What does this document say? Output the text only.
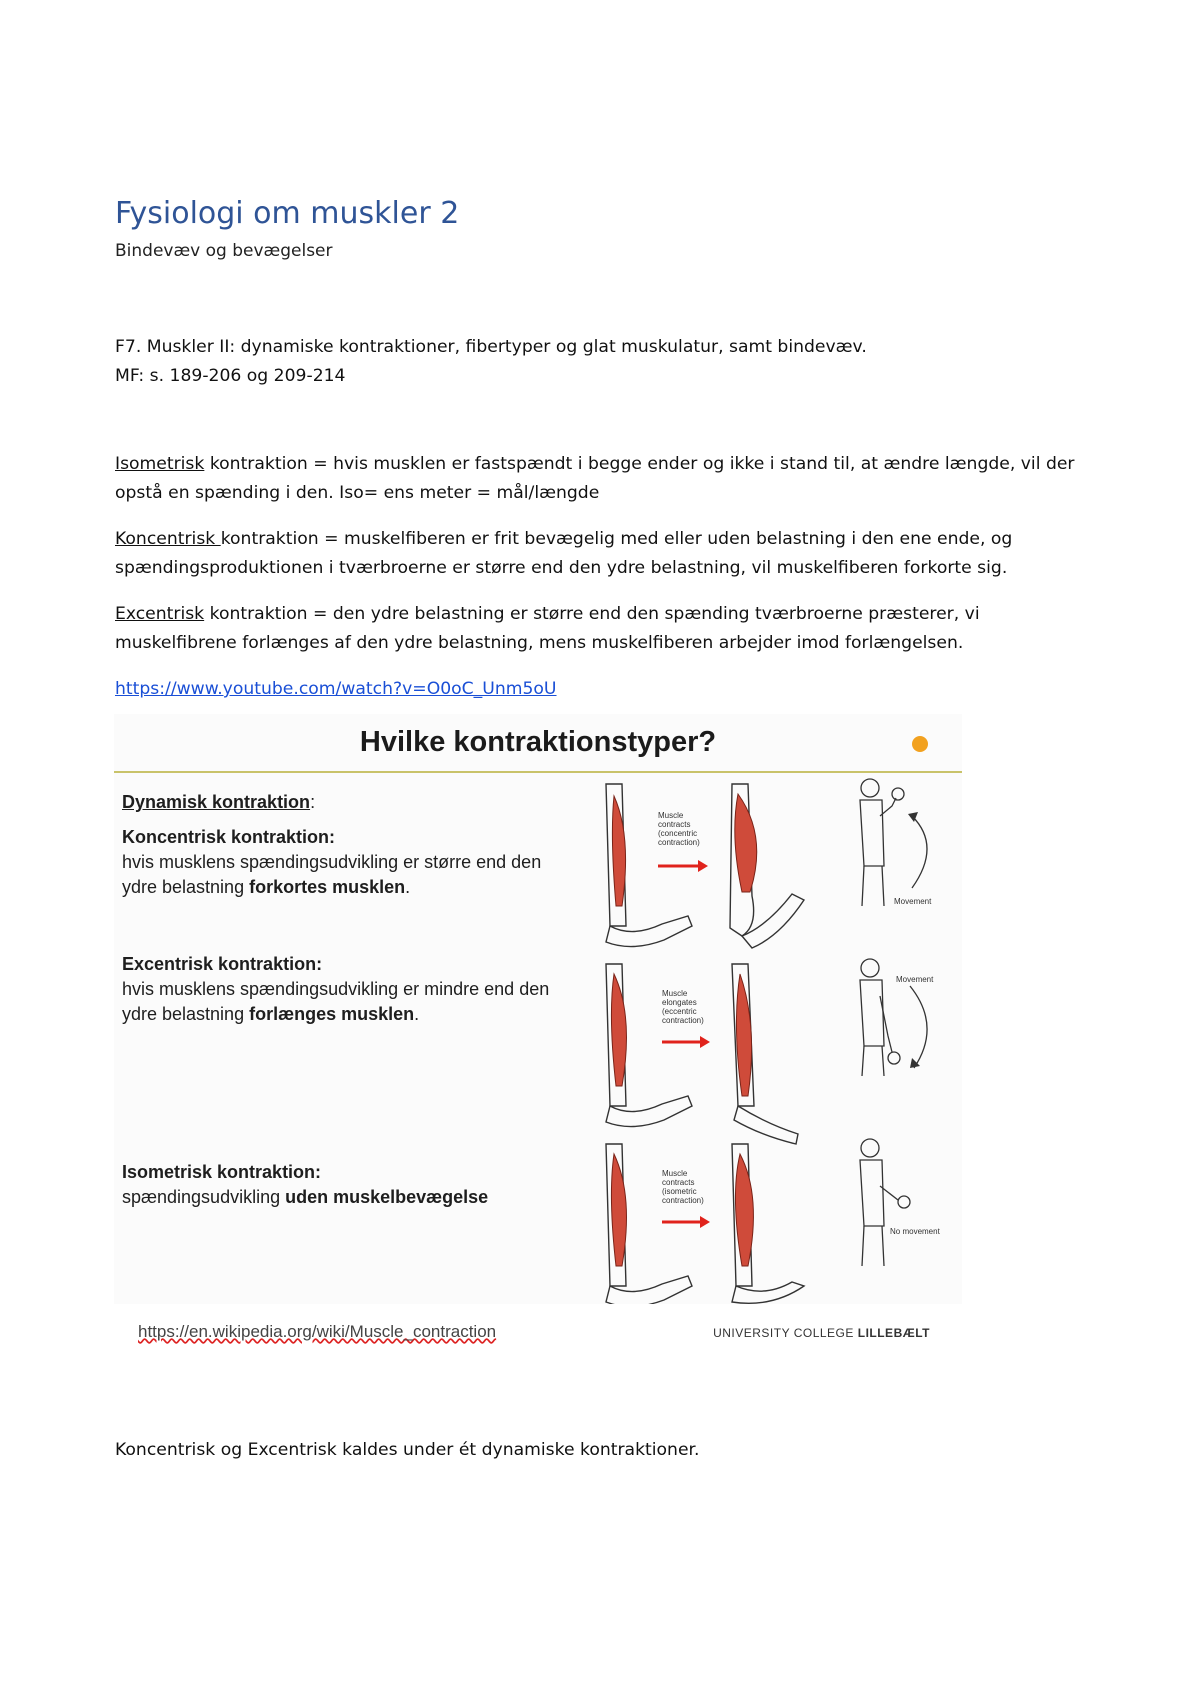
Fysiologi om muskler 2
Bindevæv og bevægelser
F7. Muskler II: dynamiske kontraktioner, fibertyper og glat muskulatur, samt bindevæv.
MF: s. 189-206 og 209-214
Isometrisk kontraktion = hvis musklen er fastspændt i begge ender og ikke i stand til, at ændre længde, vil der opstå en spænding i den. Iso= ens meter = mål/længde
Koncentrisk kontraktion = muskelfiberen er frit bevægelig med eller uden belastning i den ene ende, og spændingsproduktionen i tværbroerne er større end den ydre belastning, vil muskelfiberen forkorte sig.
Excentrisk kontraktion = den ydre belastning er større end den spænding tværbroerne præsterer, vi muskelfibrene forlænges af den ydre belastning, mens muskelfiberen arbejder imod forlængelsen.
https://www.youtube.com/watch?v=O0oC_Unm5oU
Hvilke kontraktionstyper?
Dynamisk kontraktion:
Koncentrisk kontraktion:
hvis musklens spændingsudvikling er større end den
ydre belastning forkortes musklen.
Excentrisk kontraktion:
hvis musklens spændingsudvikling er mindre end den
ydre belastning forlænges musklen.
Isometrisk kontraktion:
spændingsudvikling uden muskelbevægelse
Muscle
contracts
(concentric
contraction)
Movement
Muscle
elongates
(eccentric
contraction)
Movement
Muscle
contracts
(isometric
contraction)
No movement
https://en.wikipedia.org/wiki/Muscle_contraction	UNIVERSITY COLLEGE LILLEBÆLT
Koncentrisk og Excentrisk kaldes under ét dynamiske kontraktioner.
